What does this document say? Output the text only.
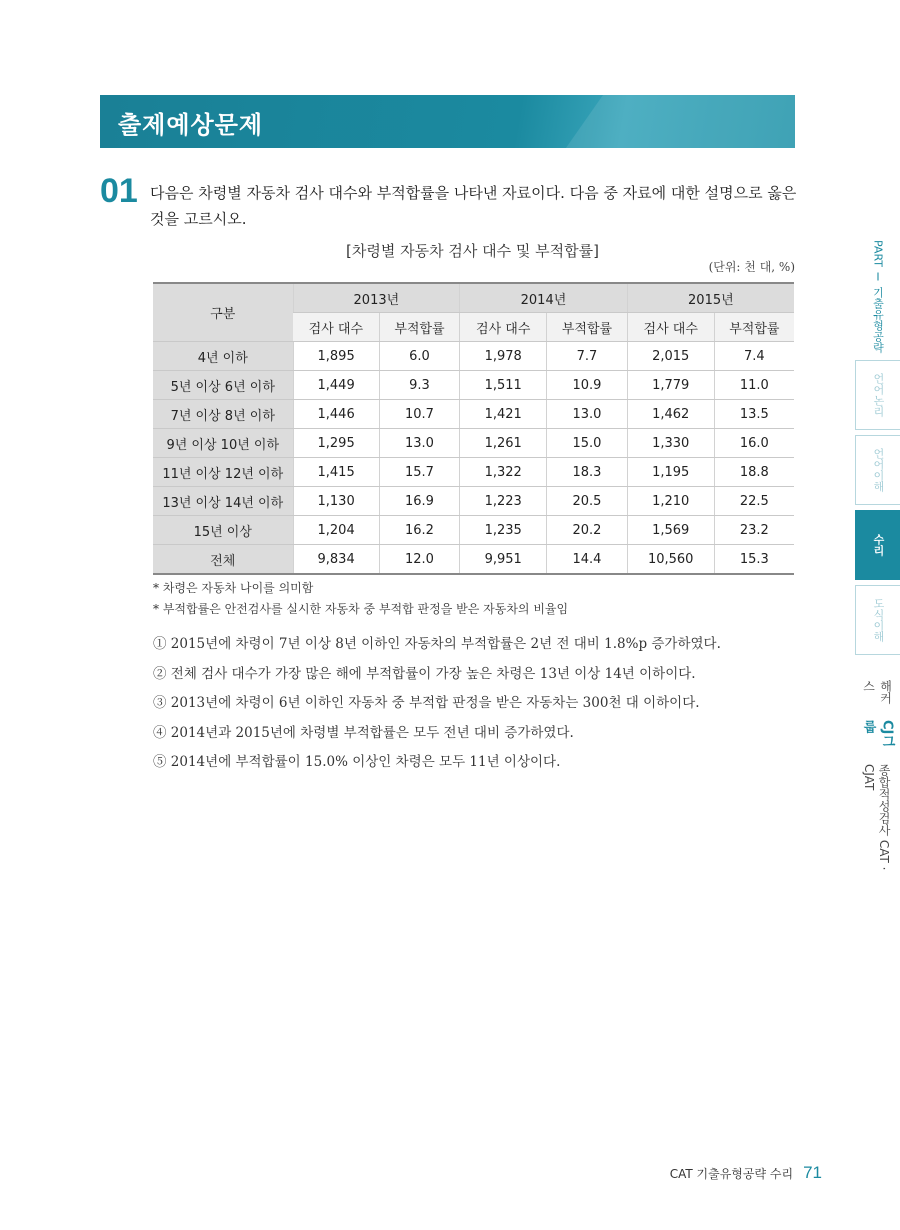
출제예상문제
01 다음은 차령별 자동차 검사 대수와 부적합률을 나타낸 자료이다. 다음 중 자료에 대한 설명으로 옳은 것을 고르시오.
[차령별 자동차 검사 대수 및 부적합률]
(단위: 천 대, %)
구분	2013년		2014년		2015년	
	검사 대수	부적합률	검사 대수	부적합률	검사 대수	부적합률
4년 이하	1,895	6.0	1,978	7.7	2,015	7.4
5년 이상 6년 이하	1,449	9.3	1,511	10.9	1,779	11.0
7년 이상 8년 이하	1,446	10.7	1,421	13.0	1,462	13.5
9년 이상 10년 이하	1,295	13.0	1,261	15.0	1,330	16.0
11년 이상 12년 이하	1,415	15.7	1,322	18.3	1,195	18.8
13년 이상 14년 이하	1,130	16.9	1,223	20.5	1,210	22.5
15년 이상	1,204	16.2	1,235	20.2	1,569	23.2
전체	9,834	12.0	9,951	14.4	10,560	15.3
* 차령은 자동차 나이를 의미함
* 부적합률은 안전검사를 실시한 자동차 중 부적합 판정을 받은 자동차의 비율임
① 2015년에 차령이 7년 이상 8년 이하인 자동차의 부적합률은 2년 전 대비 1.8%p 증가하였다.
② 전체 검사 대수가 가장 많은 해에 부적합률이 가장 높은 차령은 13년 이상 14년 이하이다.
③ 2013년에 차령이 6년 이하인 자동차 중 부적합 판정을 받은 자동차는 300천 대 이하이다.
④ 2014년과 2015년에 차령별 부적합률은 모두 전년 대비 증가하였다.
⑤ 2014년에 부적합률이 15.0% 이상인 차령은 모두 11년 이상이다.
PART Ⅰ 기출유형공략
언어논리
언어이해
수리
도식이해
해커스

CJ그룹

종합적성검사 CAT · CJAT
CAT 기출유형공략 수리 71
